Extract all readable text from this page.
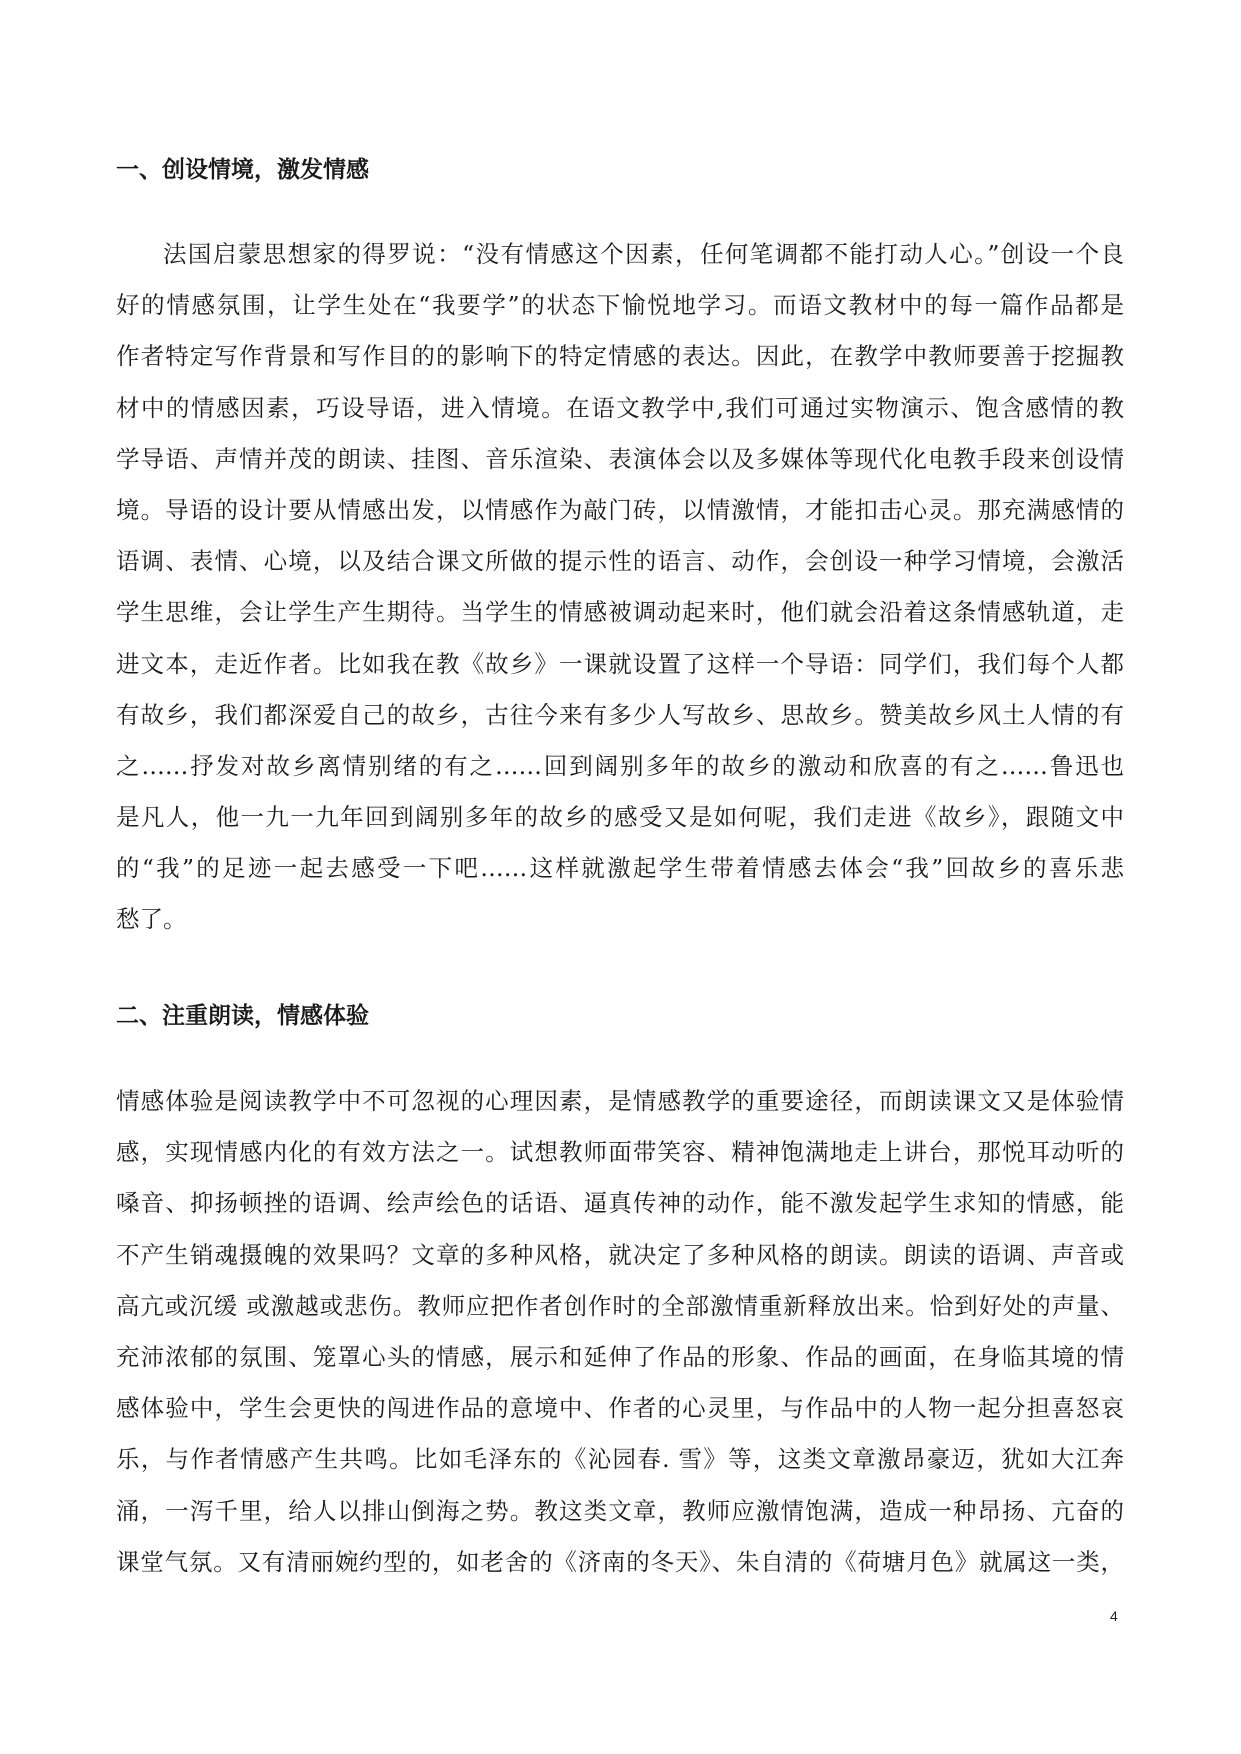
一、创设情境，激发情感
法国启蒙思想家的得罗说：“没有情感这个因素，任何笔调都不能打动人心。”创设一个良
好的情感氛围，让学生处在“我要学”的状态下愉悦地学习。而语文教材中的每一篇作品都是
作者特定写作背景和写作目的的影响下的特定情感的表达。因此，在教学中教师要善于挖掘教
材中的情感因素，巧设导语，进入情境。在语文教学中,我们可通过实物演示、饱含感情的教
学导语、声情并茂的朗读、挂图、音乐渲染、表演体会以及多媒体等现代化电教手段来创设情
境。导语的设计要从情感出发，以情感作为敲门砖，以情激情，才能扣击心灵。那充满感情的
语调、表情、心境，以及结合课文所做的提示性的语言、动作，会创设一种学习情境，会激活
学生思维，会让学生产生期待。当学生的情感被调动起来时，他们就会沿着这条情感轨道，走
进文本，走近作者。比如我在教《故乡》一课就设置了这样一个导语：同学们，我们每个人都
有故乡，我们都深爱自己的故乡，古往今来有多少人写故乡、思故乡。赞美故乡风土人情的有
之……抒发对故乡离情别绪的有之……回到阔别多年的故乡的激动和欣喜的有之……鲁迅也
是凡人，他一九一九年回到阔别多年的故乡的感受又是如何呢，我们走进《故乡》，跟随文中
的“我”的足迹一起去感受一下吧……这样就激起学生带着情感去体会“我”回故乡的喜乐悲
愁了。
二、注重朗读，情感体验
情感体验是阅读教学中不可忽视的心理因素，是情感教学的重要途径，而朗读课文又是体验情
感，实现情感内化的有效方法之一。试想教师面带笑容、精神饱满地走上讲台，那悦耳动听的
嗓音、抑扬顿挫的语调、绘声绘色的话语、逼真传神的动作，能不激发起学生求知的情感，能
不产生销魂摄魄的效果吗？文章的多种风格，就决定了多种风格的朗读。朗读的语调、声音或
高亢或沉缓 或激越或悲伤。教师应把作者创作时的全部激情重新释放出来。恰到好处的声量、
充沛浓郁的氛围、笼罩心头的情感，展示和延伸了作品的形象、作品的画面，在身临其境的情
感体验中，学生会更快的闯进作品的意境中、作者的心灵里，与作品中的人物一起分担喜怒哀
乐，与作者情感产生共鸣。比如毛泽东的《沁园春. 雪》等，这类文章激昂豪迈，犹如大江奔
涌，一泻千里，给人以排山倒海之势。教这类文章，教师应激情饱满，造成一种昂扬、亢奋的
课堂气氛。又有清丽婉约型的，如老舍的《济南的冬天》、朱自清的《荷塘月色》就属这一类，
4
